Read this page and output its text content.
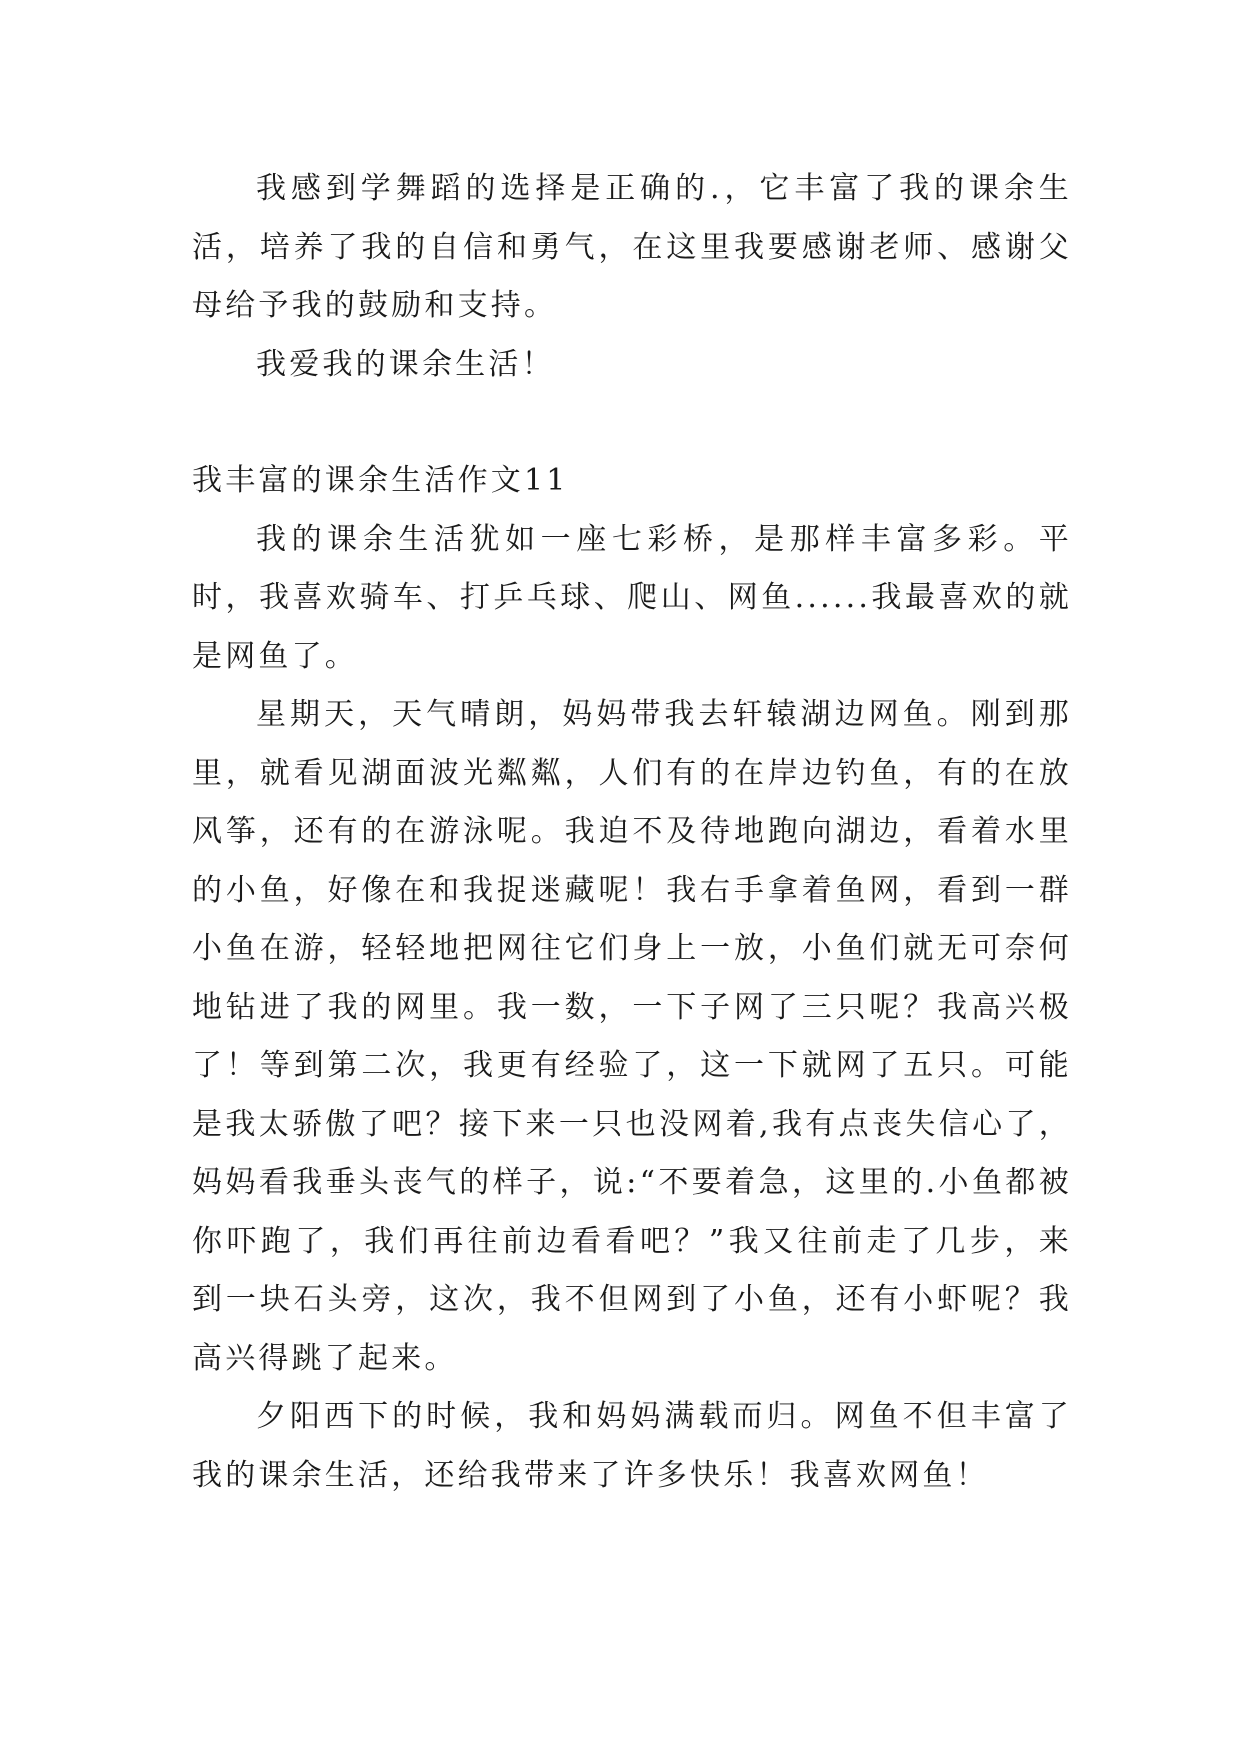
我感到学舞蹈的选择是正确的.，它丰富了我的课余生活，培养了我的自信和勇气，在这里我要感谢老师、感谢父母给予我的鼓励和支持。

我爱我的课余生活！

我丰富的课余生活作文11

我的课余生活犹如一座七彩桥，是那样丰富多彩。平时，我喜欢骑车、打乒乓球、爬山、网鱼......我最喜欢的就是网鱼了。

星期天，天气晴朗，妈妈带我去轩辕湖边网鱼。刚到那里，就看见湖面波光粼粼，人们有的在岸边钓鱼，有的在放风筝，还有的在游泳呢。我迫不及待地跑向湖边，看着水里的小鱼，好像在和我捉迷藏呢！我右手拿着鱼网，看到一群小鱼在游，轻轻地把网往它们身上一放，小鱼们就无可奈何地钻进了我的网里。我一数，一下子网了三只呢？我高兴极了！等到第二次，我更有经验了，这一下就网了五只。可能是我太骄傲了吧？接下来一只也没网着,我有点丧失信心了，妈妈看我垂头丧气的样子，说:“不要着急，这里的.小鱼都被你吓跑了，我们再往前边看看吧？”我又往前走了几步，来到一块石头旁，这次，我不但网到了小鱼，还有小虾呢？我高兴得跳了起来。

夕阳西下的时候，我和妈妈满载而归。网鱼不但丰富了我的课余生活，还给我带来了许多快乐！我喜欢网鱼！
